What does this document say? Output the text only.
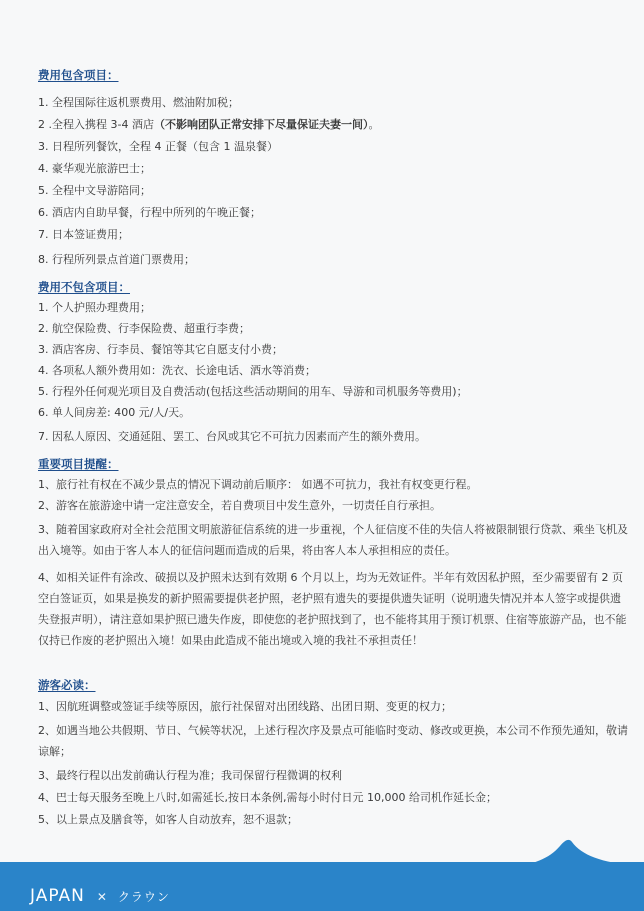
费用包含项目：

1. 全程国际往返机票费用、燃油附加税；
2 .全程入携程 3-4 酒店（不影响团队正常安排下尽量保证夫妻一间）。
3. 日程所列餐饮，全程 4 正餐（包含 1 温泉餐）
4. 豪华观光旅游巴士；
5. 全程中文导游陪同；
6. 酒店内自助早餐，行程中所列的午晚正餐；
7. 日本签证费用；
8. 行程所列景点首道门票费用；

费用不包含项目：

1. 个人护照办理费用；
2. 航空保险费、行李保险费、超重行李费；
3. 酒店客房、行李员、餐馆等其它自愿支付小费；
4. 各项私人额外费用如：洗衣、长途电话、酒水等消费；
5. 行程外任何观光项目及自费活动(包括这些活动期间的用车、导游和司机服务等费用)；
6. 单人间房差: 400 元/人/天。
7. 因私人原因、交通延阻、罢工、台风或其它不可抗力因素而产生的额外费用。

重要项目提醒：

1、旅行社有权在不减少景点的情况下调动前后顺序： 如遇不可抗力，我社有权变更行程。
2、游客在旅游途中请一定注意安全，若自费项目中发生意外，一切责任自行承担。
3、随着国家政府对全社会范围文明旅游征信系统的进一步重视，个人征信度不佳的失信人将被限制银行贷款、乘坐飞机及出入境等。如由于客人本人的征信问题而造成的后果，将由客人本人承担相应的责任。
4、如相关证件有涂改、破损以及护照未达到有效期 6 个月以上，均为无效证件。半年有效因私护照，至少需要留有 2 页空白签证页，如果是换发的新护照需要提供老护照，老护照有遗失的要提供遗失证明（说明遗失情况并本人签字或提供遗失登报声明），请注意如果护照已遗失作废，即使您的老护照找到了，也不能将其用于预订机票、住宿等旅游产品，也不能仅持已作废的老护照出入境！如果由此造成不能出境或入境的我社不承担责任！

游客必读：

1、因航班调整或签证手续等原因，旅行社保留对出团线路、出团日期、变更的权力；
2、如遇当地公共假期、节日、气候等状况，上述行程次序及景点可能临时变动、修改或更换，本公司不作预先通知，敬请谅解；
3、最终行程以出发前确认行程为准；我司保留行程微调的权利
4、巴士每天服务至晚上八时,如需延长,按日本条例,需每小时付日元 10,000 给司机作延长金；
5、以上景点及膳食等，如客人自动放弃，恕不退款；
JAPAN ✕ クラウン
